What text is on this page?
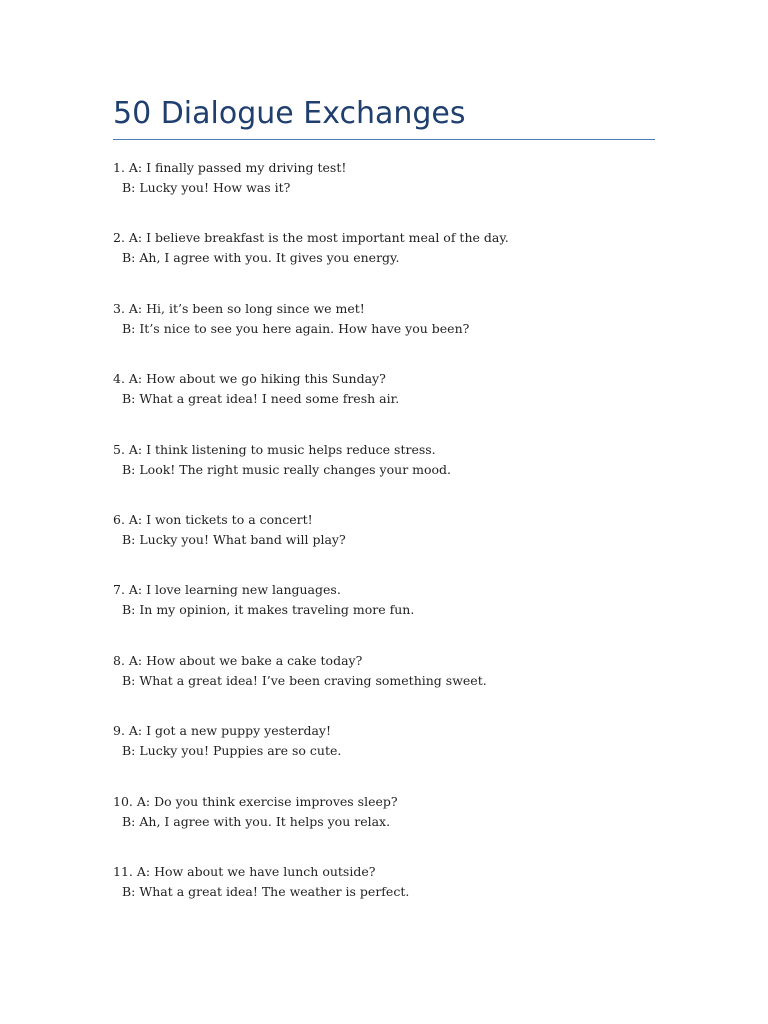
50 Dialogue Exchanges
1. A: I finally passed my driving test!
B: Lucky you! How was it?
2. A: I believe breakfast is the most important meal of the day.
B: Ah, I agree with you. It gives you energy.
3. A: Hi, it’s been so long since we met!
B: It’s nice to see you here again. How have you been?
4. A: How about we go hiking this Sunday?
B: What a great idea! I need some fresh air.
5. A: I think listening to music helps reduce stress.
B: Look! The right music really changes your mood.
6. A: I won tickets to a concert!
B: Lucky you! What band will play?
7. A: I love learning new languages.
B: In my opinion, it makes traveling more fun.
8. A: How about we bake a cake today?
B: What a great idea! I’ve been craving something sweet.
9. A: I got a new puppy yesterday!
B: Lucky you! Puppies are so cute.
10. A: Do you think exercise improves sleep?
B: Ah, I agree with you. It helps you relax.
11. A: How about we have lunch outside?
B: What a great idea! The weather is perfect.
